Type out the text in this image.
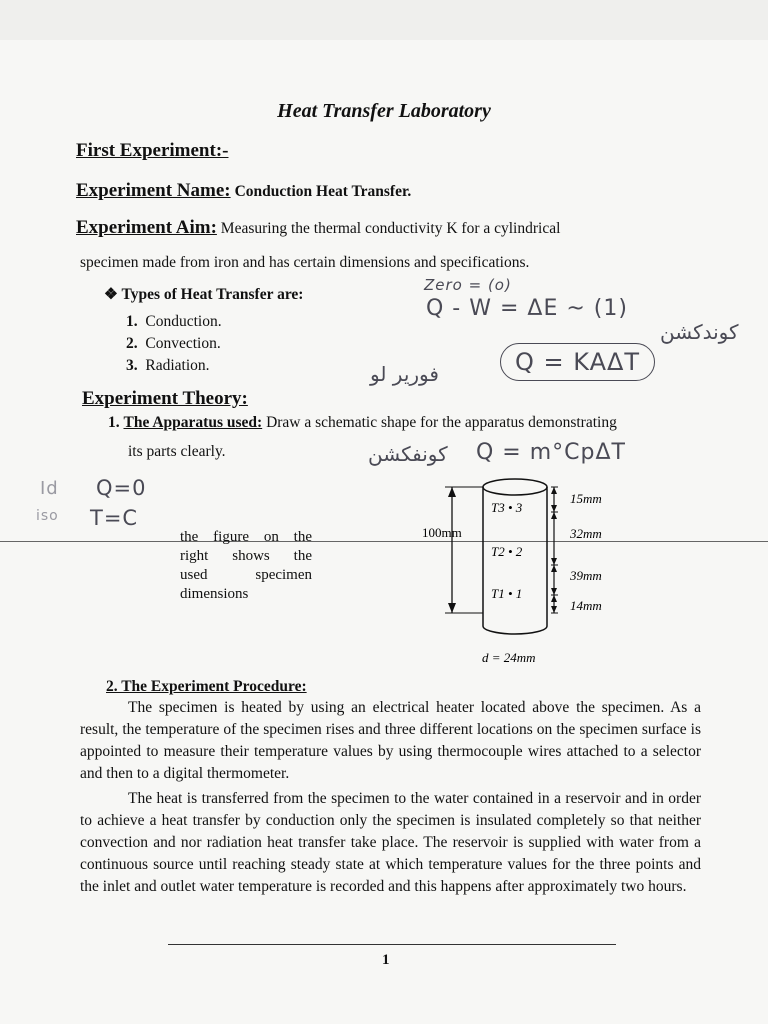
Heat Transfer Laboratory
First Experiment:-
Experiment Name: Conduction Heat Transfer.
Experiment Aim: Measuring the thermal conductivity K for a cylindrical
specimen made from iron and has certain dimensions and specifications.
❖ Types of Heat Transfer are:
1. Conduction.
2. Convection.
3. Radiation.
Experiment Theory:
1. The Apparatus used: Draw a schematic shape for the apparatus demonstrating
its parts clearly.
the figure on the
right shows the
used specimen
dimensions
100mm
15mm
32mm
39mm
14mm
T3 • 3
T2 • 2
T1 • 1
d = 24mm
2. The Experiment Procedure:
The specimen is heated by using an electrical heater located above the specimen. As a result, the temperature of the specimen rises and three different locations on the specimen surface is appointed to measure their temperature values by using thermocouple wires attached to a selector and then to a digital thermometer.
The heat is transferred from the specimen to the water contained in a reservoir and in order to achieve a heat transfer by conduction only the specimen is insulated completely so that neither convection and nor radiation heat transfer take place. The reservoir is supplied with water from a continuous source until reaching steady state at which temperature values for the three points and the inlet and outlet water temperature is recorded and this happens after approximately two hours.
1
Zero = (o)
Q - W = ΔE ~ (1)
كوندكشن
فورير لو	Q = KAΔT
كونفكشن Q = m°CpΔT
Id Q=0
iso T=C
